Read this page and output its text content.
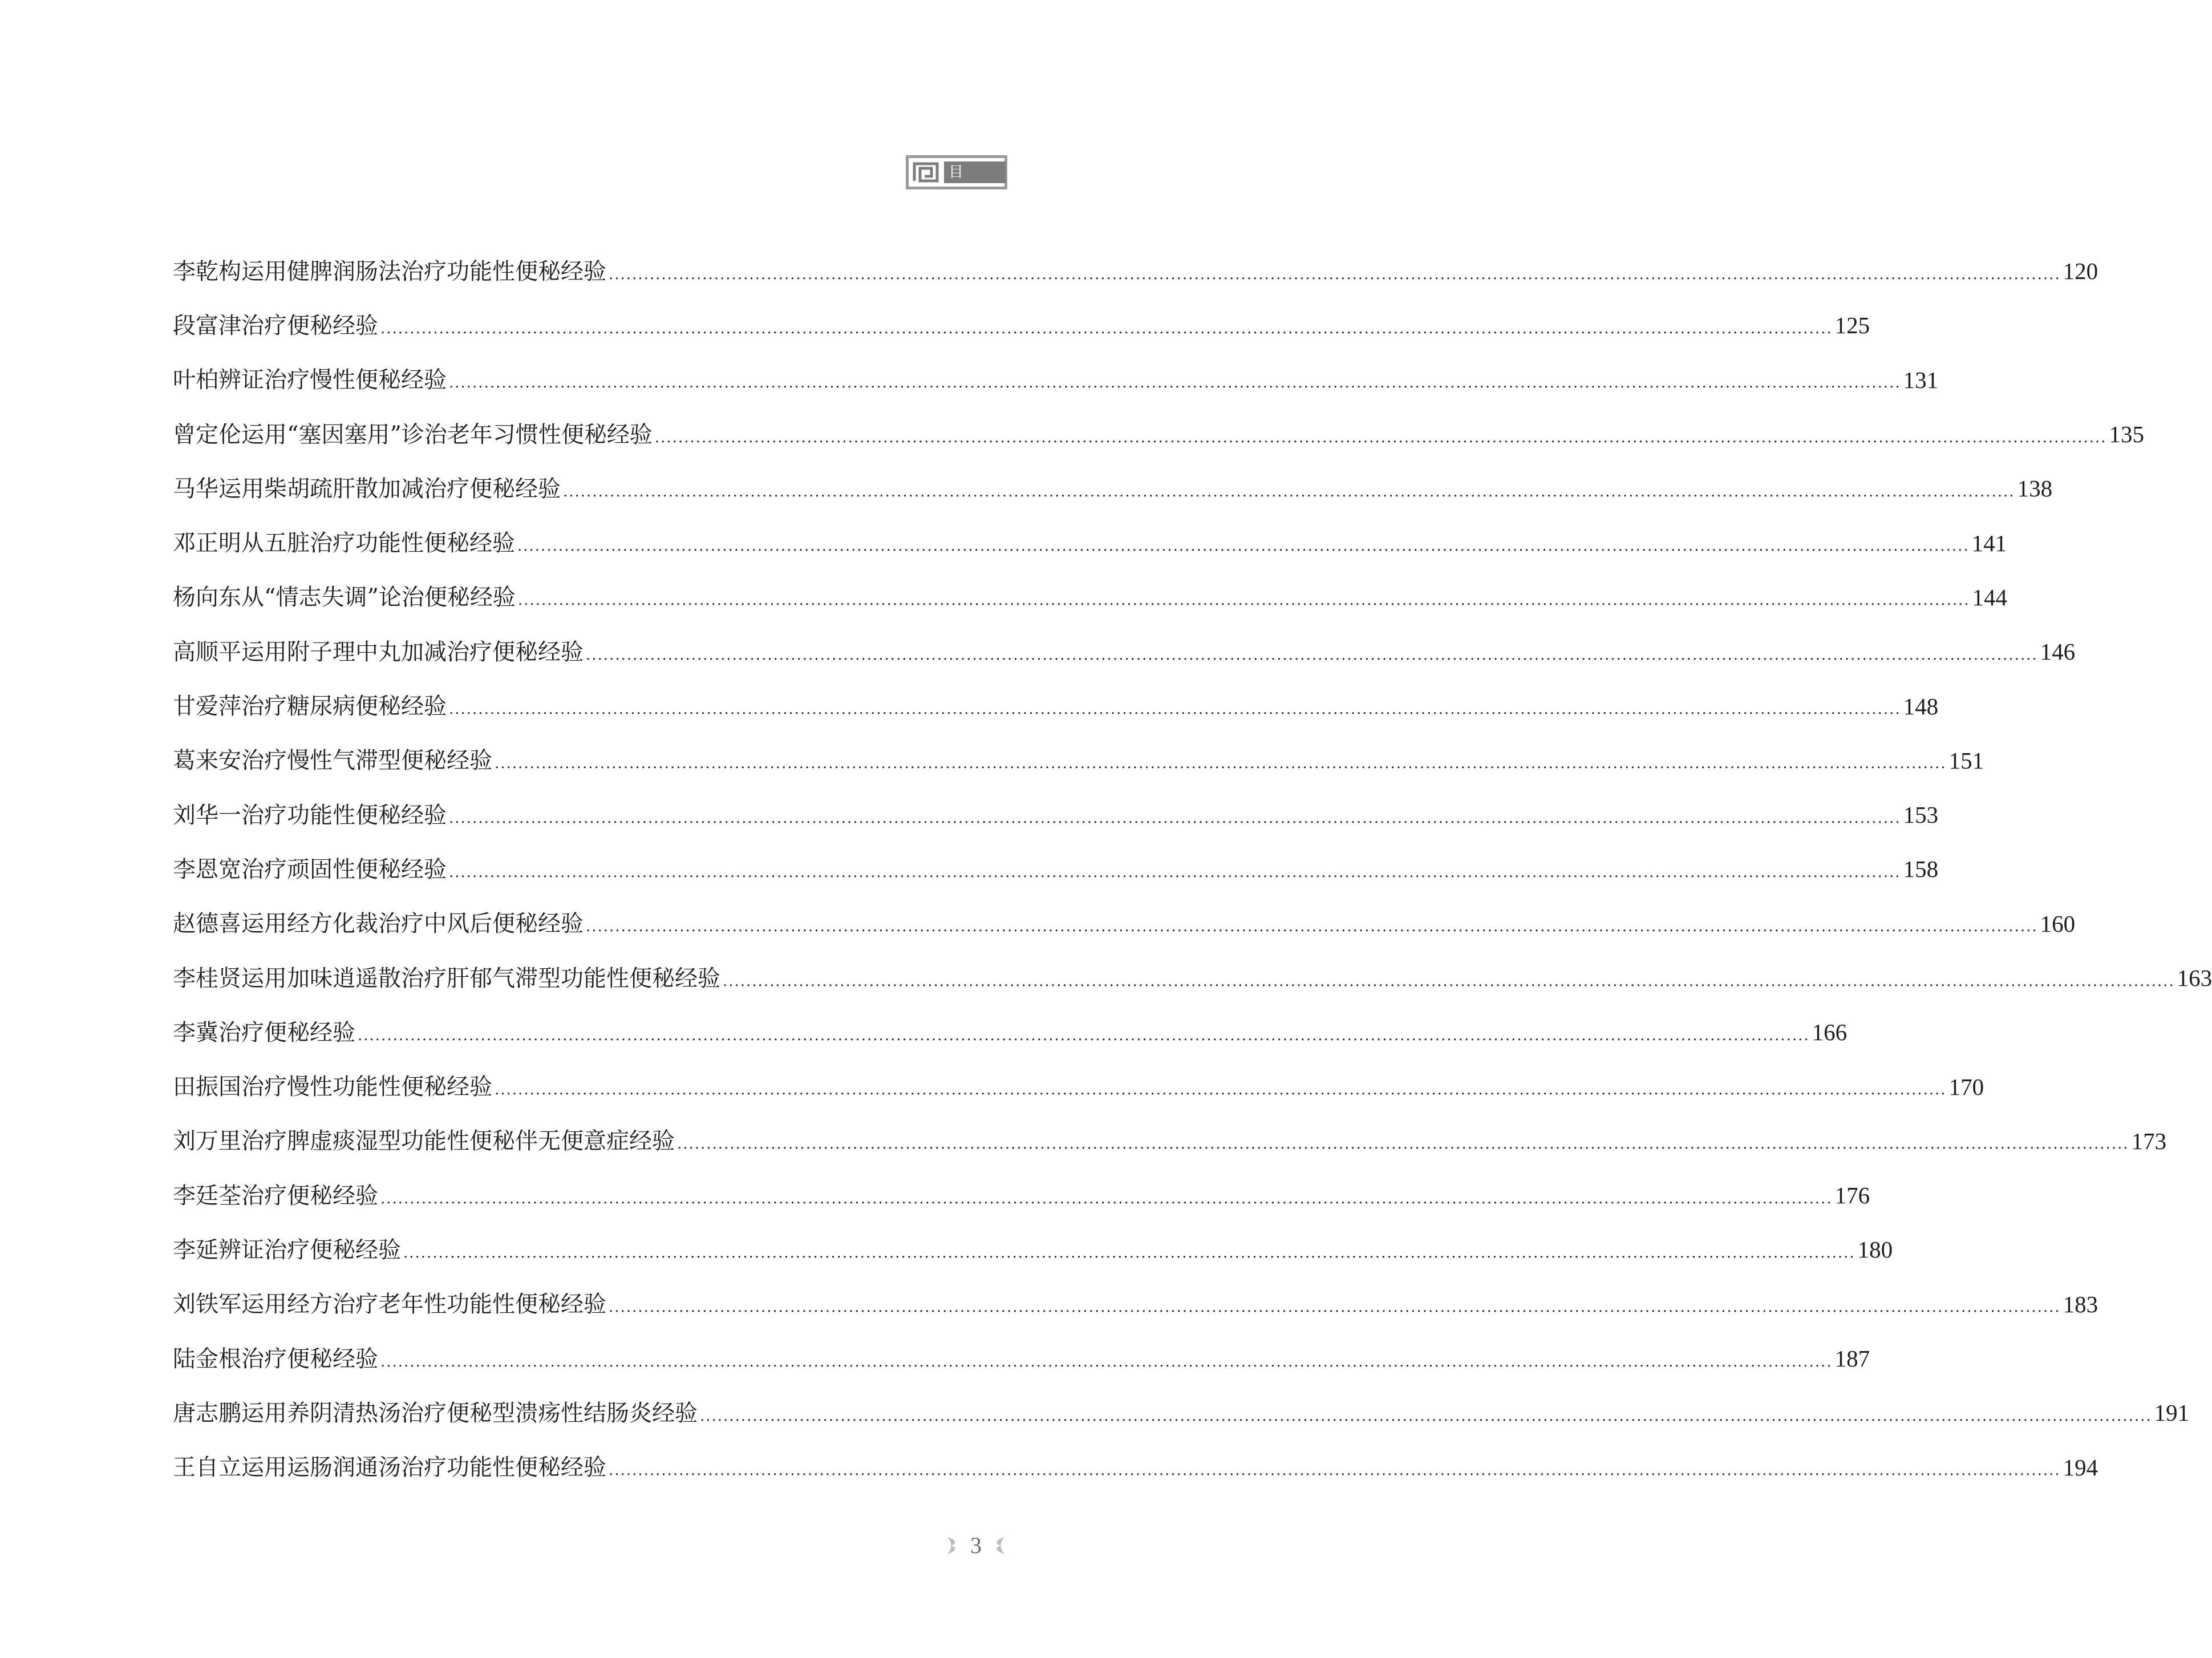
目 录
李乾构运用健脾润肠法治疗功能性便秘经验 .....	120
段富津治疗便秘经验 .....	125
叶柏辨证治疗慢性便秘经验 .....	131
曾定伦运用“塞因塞用”诊治老年习惯性便秘经验 .....	135
马华运用柴胡疏肝散加减治疗便秘经验 .....	138
邓正明从五脏治疗功能性便秘经验 .....	141
杨向东从“情志失调”论治便秘经验 .....	144
高顺平运用附子理中丸加减治疗便秘经验 .....	146
甘爱萍治疗糖尿病便秘经验 .....	148
葛来安治疗慢性气滞型便秘经验 .....	151
刘华一治疗功能性便秘经验 .....	153
李恩宽治疗顽固性便秘经验 .....	158
赵德喜运用经方化裁治疗中风后便秘经验 .....	160
李桂贤运用加味逍遥散治疗肝郁气滞型功能性便秘经验 .....	163
李冀治疗便秘经验 .....	166
田振国治疗慢性功能性便秘经验 .....	170
刘万里治疗脾虚痰湿型功能性便秘伴无便意症经验 .....	173
李廷荃治疗便秘经验 .....	176
李延辨证治疗便秘经验 .....	180
刘铁军运用经方治疗老年性功能性便秘经验 .....	183
陆金根治疗便秘经验 .....	187
唐志鹏运用养阴清热汤治疗便秘型溃疡性结肠炎经验 .....	191
王自立运用运肠润通汤治疗功能性便秘经验 .....	194
3
